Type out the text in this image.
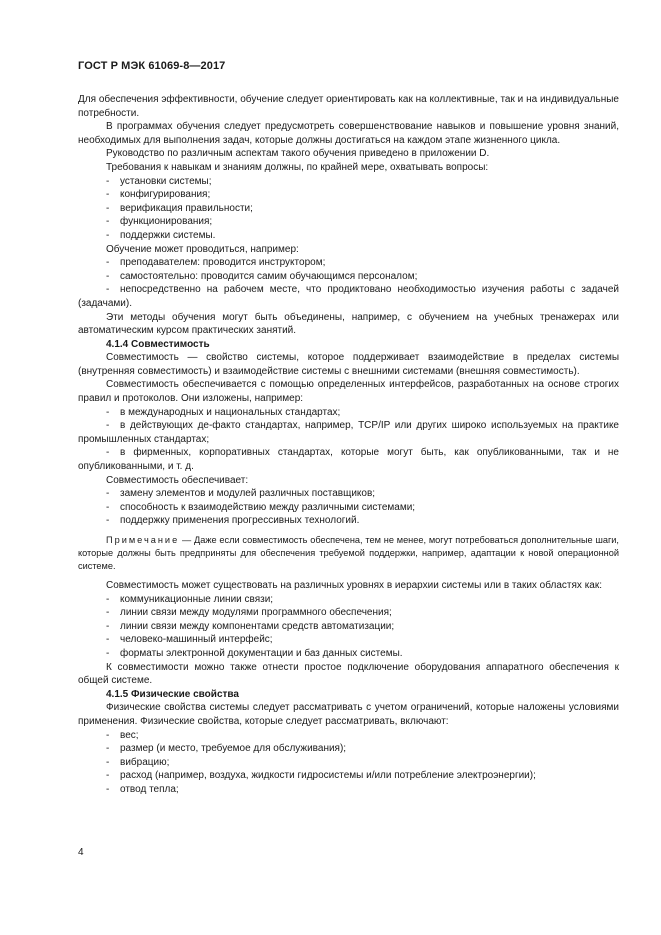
ГОСТ Р МЭК 61069-8—2017

Для обеспечения эффективности, обучение следует ориентировать как на коллективные, так и на индивидуальные потребности.

В программах обучения следует предусмотреть совершенствование навыков и повышение уровня знаний, необходимых для выполнения задач, которые должны достигаться на каждом этапе жизненного цикла.

Руководство по различным аспектам такого обучения приведено в приложении D.

Требования к навыкам и знаниям должны, по крайней мере, охватывать вопросы:

- установки системы;

- конфигурирования;

- верификация правильности;

- функционирования;

- поддержки системы.

Обучение может проводиться, например:

- преподавателем: проводится инструктором;

- самостоятельно: проводится самим обучающимся персоналом;

- непосредственно на рабочем месте, что продиктовано необходимостью изучения работы с задачей (задачами).

Эти методы обучения могут быть объединены, например, с обучением на учебных тренажерах или автоматическим курсом практических занятий.

4.1.4 Совместимость

Совместимость — свойство системы, которое поддерживает взаимодействие в пределах системы (внутренняя совместимость) и взаимодействие системы с внешними системами (внешняя совместимость).

Совместимость обеспечивается с помощью определенных интерфейсов, разработанных на основе строгих правил и протоколов. Они изложены, например:

- в международных и национальных стандартах;

- в действующих де-факто стандартах, например, TCP/IP или других широко используемых на практике промышленных стандартах;

- в фирменных, корпоративных стандартах, которые могут быть, как опубликованными, так и не опубликованными, и т. д.

Совместимость обеспечивает:

- замену элементов и модулей различных поставщиков;

- способность к взаимодействию между различными системами;

- поддержку применения прогрессивных технологий.

Примечание — Даже если совместимость обеспечена, тем не менее, могут потребоваться дополнительные шаги, которые должны быть предприняты для обеспечения требуемой поддержки, например, адаптации к новой операционной системе.

Совместимость может существовать на различных уровнях в иерархии системы или в таких областях как:

- коммуникационные линии связи;

- линии связи между модулями программного обеспечения;

- линии связи между компонентами средств автоматизации;

- человеко-машинный интерфейс;

- форматы электронной документации и баз данных системы.

К совместимости можно также отнести простое подключение оборудования аппаратного обеспечения к общей системе.

4.1.5 Физические свойства

Физические свойства системы следует рассматривать с учетом ограничений, которые наложены условиями применения. Физические свойства, которые следует рассматривать, включают:

- вес;

- размер (и место, требуемое для обслуживания);

- вибрацию;

- расход (например, воздуха, жидкости гидросистемы и/или потребление электроэнергии);

- отвод тепла;

4
